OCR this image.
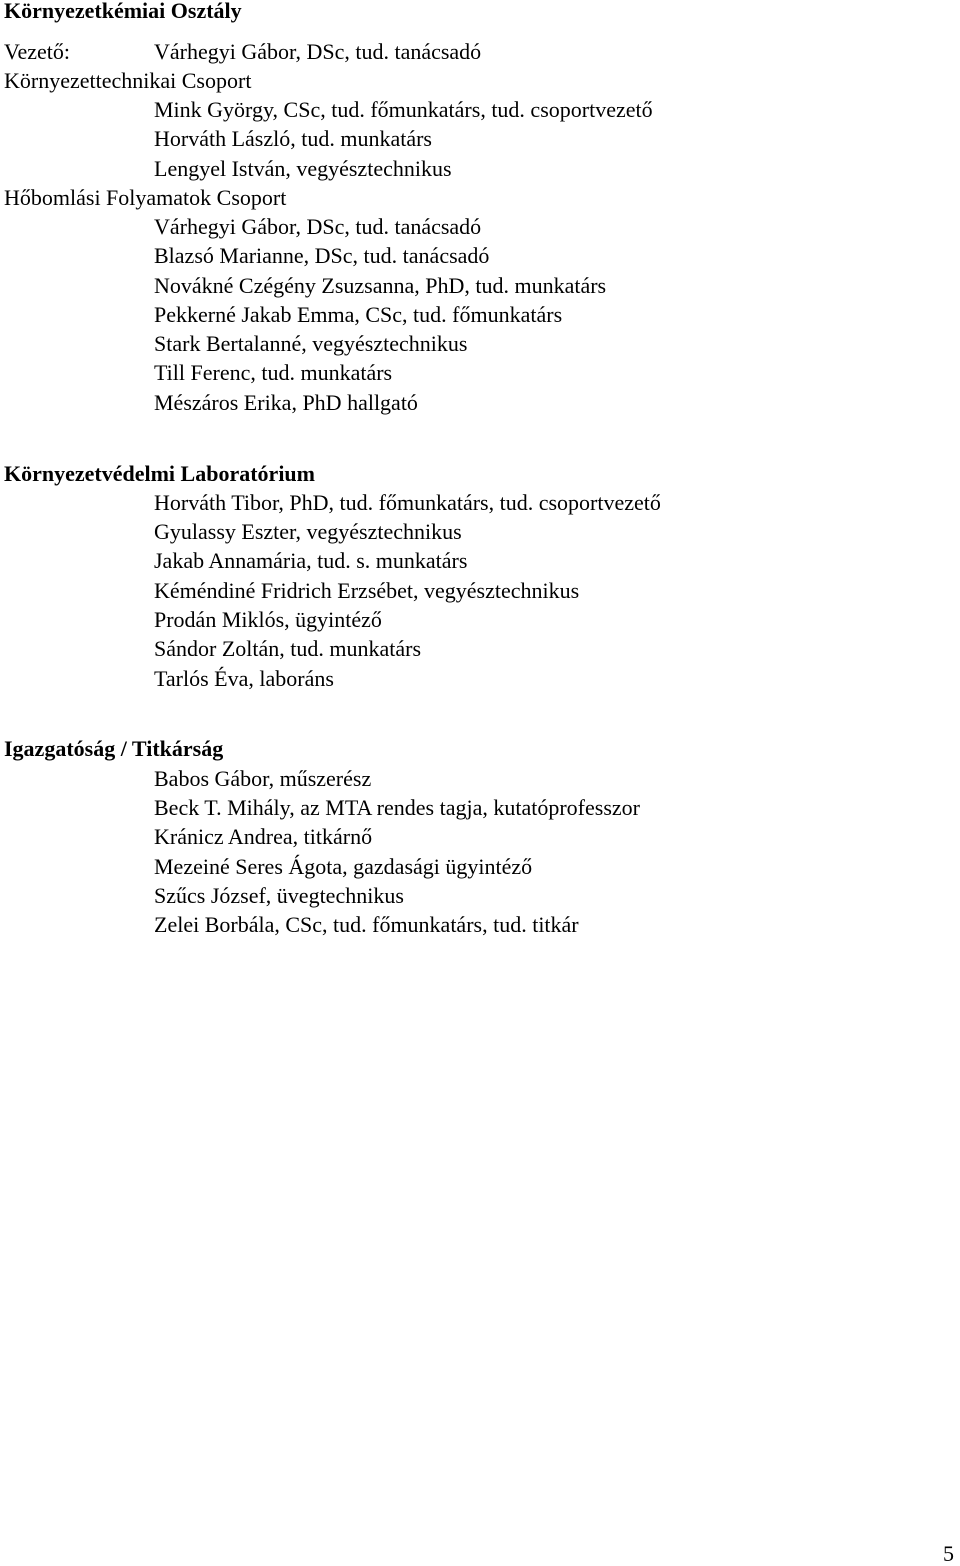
Környezetkémiai Osztály
Vezető:	Várhegyi Gábor, DSc, tud. tanácsadó
Környezettechnikai Csoport
Mink György, CSc, tud. főmunkatárs, tud. csoportvezető
Horváth László, tud. munkatárs
Lengyel István, vegyésztechnikus
Hőbomlási Folyamatok Csoport
Várhegyi Gábor, DSc, tud. tanácsadó
Blazsó Marianne, DSc, tud. tanácsadó
Novákné Czégény Zsuzsanna, PhD, tud. munkatárs
Pekkerné Jakab Emma, CSc, tud. főmunkatárs
Stark Bertalanné, vegyésztechnikus
Till Ferenc, tud. munkatárs
Mészáros Erika, PhD hallgató
Környezetvédelmi Laboratórium
Horváth Tibor, PhD, tud. főmunkatárs, tud. csoportvezető
Gyulassy Eszter, vegyésztechnikus
Jakab Annamária, tud. s. munkatárs
Kéméndiné Fridrich Erzsébet, vegyésztechnikus
Prodán Miklós, ügyintéző
Sándor Zoltán, tud. munkatárs
Tarlós Éva, laboráns
Igazgatóság / Titkárság
Babos Gábor, műszerész
Beck T. Mihály, az MTA rendes tagja, kutatóprofesszor
Kránicz Andrea, titkárnő
Mezeiné Seres Ágota, gazdasági ügyintéző
Szűcs József, üvegtechnikus
Zelei Borbála, CSc, tud. főmunkatárs, tud. titkár
5
